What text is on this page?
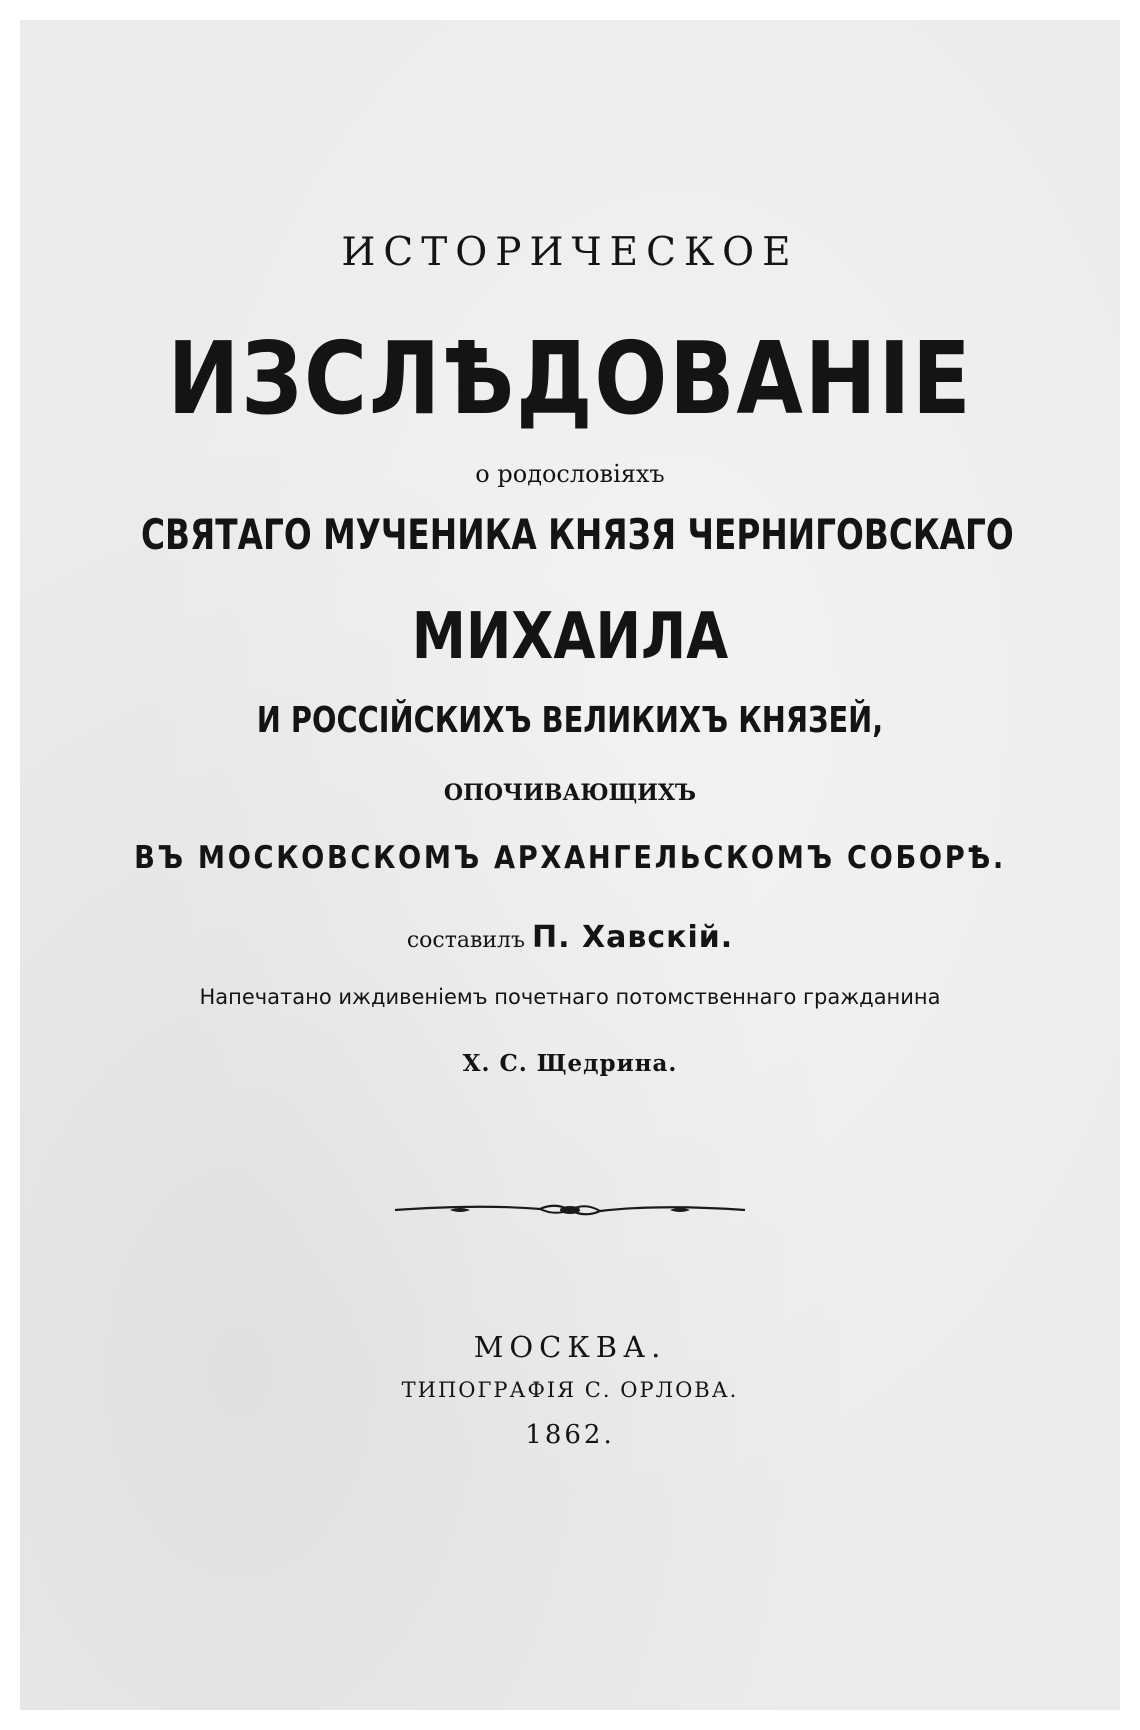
ИСТОРИЧЕСКОЕ
ИЗСЛѢДОВАНІЕ
о родословіяхъ
СВЯТАГО МУЧЕНИКА КНЯЗЯ ЧЕРНИГОВСКАГО
МИХАИЛА
И РОССІЙСКИХЪ ВЕЛИКИХЪ КНЯЗЕЙ,
ОПОЧИВАЮЩИХЪ
ВЪ МОСКОВСКОМЪ АРХАНГЕЛЬСКОМЪ СОБОРѢ.
составилъ П. Хавскій.
Напечатано иждивеніемъ почетнаго потомственнаго гражданина
Х. С. Щедрина.
МОСКВА.
ТИПОГРАФІЯ С. ОРЛОВА.
1862.
